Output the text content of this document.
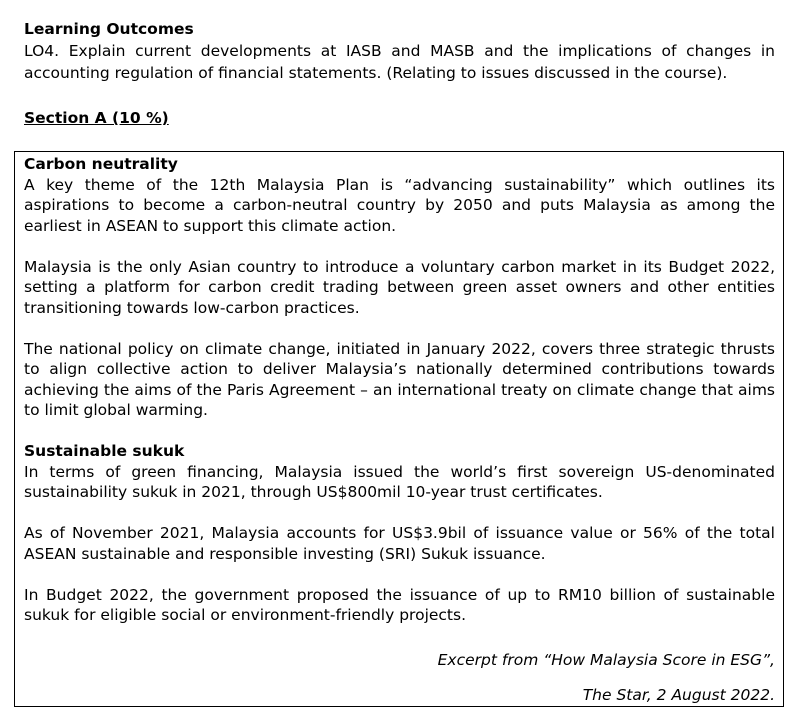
Learning Outcomes
LO4. Explain current developments at IASB and MASB and the implications of changes in accounting regulation of financial statements. (Relating to issues discussed in the course).
Section A (10 %)

Carbon neutrality

A key theme of the 12th Malaysia Plan is “advancing sustainability” which outlines its aspirations to become a carbon-neutral country by 2050 and puts Malaysia as among the earliest in ASEAN to support this climate action.

Malaysia is the only Asian country to introduce a voluntary carbon market in its Budget 2022, setting a platform for carbon credit trading between green asset owners and other entities transitioning towards low-carbon practices.

The national policy on climate change, initiated in January 2022, covers three strategic thrusts to align collective action to deliver Malaysia’s nationally determined contributions towards achieving the aims of the Paris Agreement – an international treaty on climate change that aims to limit global warming.

Sustainable sukuk

In terms of green financing, Malaysia issued the world’s first sovereign US-denominated sustainability sukuk in 2021, through US$800mil 10-year trust certificates.

As of November 2021, Malaysia accounts for US$3.9bil of issuance value or 56% of the total ASEAN sustainable and responsible investing (SRI) Sukuk issuance.

In Budget 2022, the government proposed the issuance of up to RM10 billion of sustainable sukuk for eligible social or environment-friendly projects.

Excerpt from “How Malaysia Score in ESG”,

The Star, 2 August 2022.
